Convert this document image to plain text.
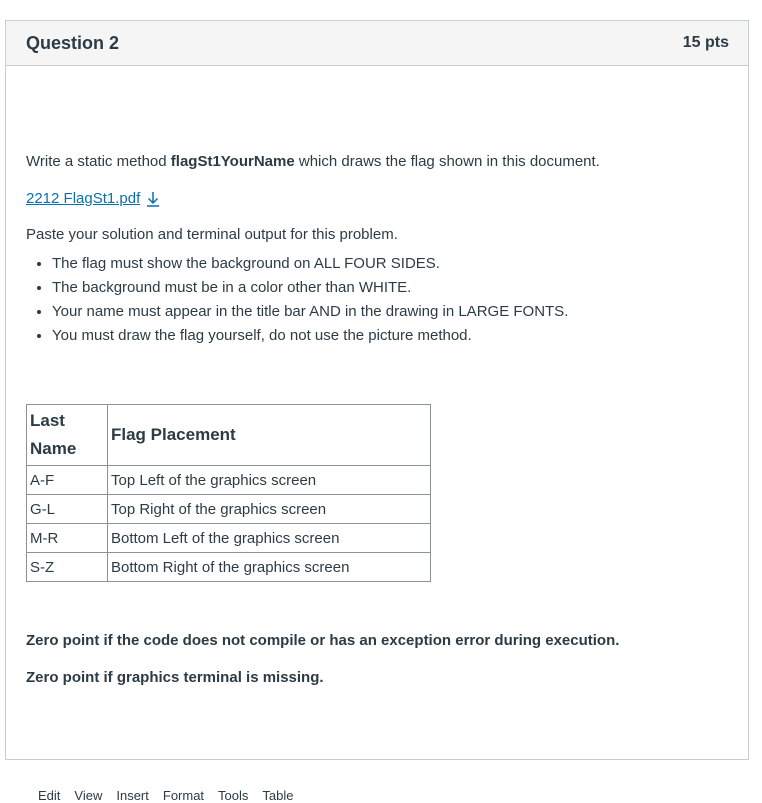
Question 2	15 pts
Write a static method flagSt1YourName which draws the flag shown in this document.
2212 FlagSt1.pdf
Paste your solution and terminal output for this problem.
• The flag must show the background on ALL FOUR SIDES.
• The background must be in a color other than WHITE.
• Your name must appear in the title bar AND in the drawing in LARGE FONTS.
• You must draw the flag yourself, do not use the picture method.
Last Name	Flag Placement
A-F	Top Left of the graphics screen
G-L	Top Right of the graphics screen
M-R	Bottom Left of the graphics screen
S-Z	Bottom Right of the graphics screen
Zero point if the code does not compile or has an exception error during execution.
Zero point if graphics terminal is missing.
Edit View Insert Format Tools Table
